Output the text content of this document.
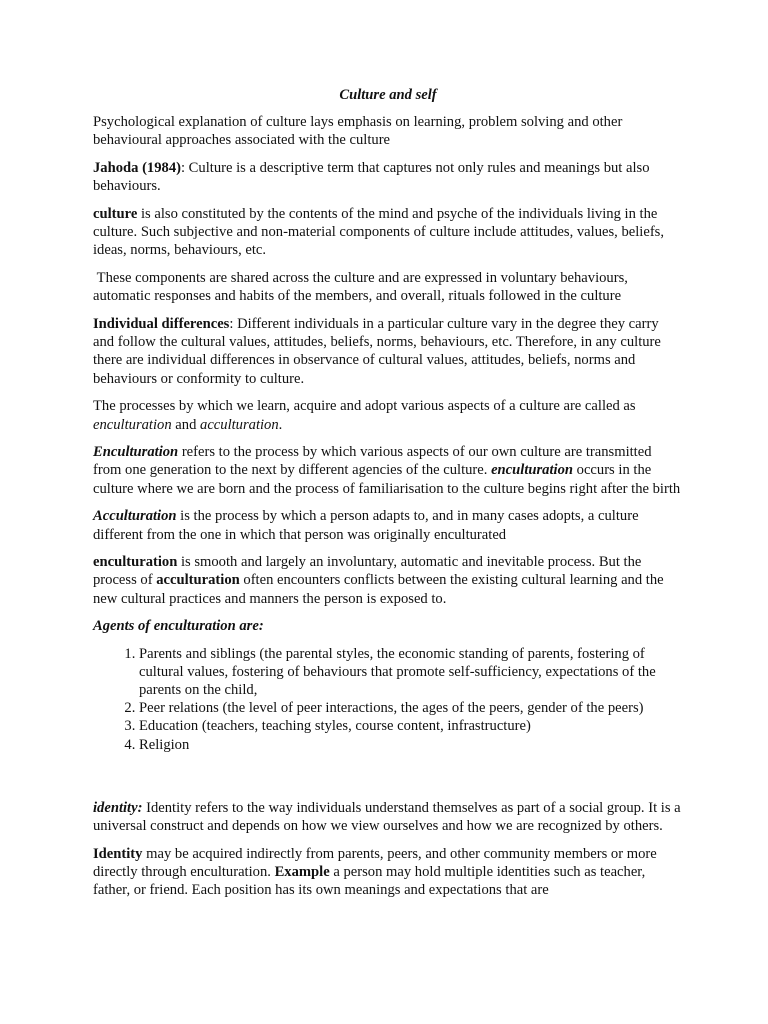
Culture and self

Psychological explanation of culture lays emphasis on learning, problem solving and other behavioural approaches associated with the culture

Jahoda (1984): Culture is a descriptive term that captures not only rules and meanings but also behaviours.

culture is also constituted by the contents of the mind and psyche of the individuals living in the culture. Such subjective and non-material components of culture include attitudes, values, beliefs, ideas, norms, behaviours, etc.

These components are shared across the culture and are expressed in voluntary behaviours, automatic responses and habits of the members, and overall, rituals followed in the culture

Individual differences: Different individuals in a particular culture vary in the degree they carry and follow the cultural values, attitudes, beliefs, norms, behaviours, etc. Therefore, in any culture there are individual differences in observance of cultural values, attitudes, beliefs, norms and behaviours or conformity to culture.

The processes by which we learn, acquire and adopt various aspects of a culture are called as enculturation and acculturation.

Enculturation refers to the process by which various aspects of our own culture are transmitted from one generation to the next by different agencies of the culture. enculturation occurs in the culture where we are born and the process of familiarisation to the culture begins right after the birth

Acculturation is the process by which a person adapts to, and in many cases adopts, a culture different from the one in which that person was originally enculturated

enculturation is smooth and largely an involuntary, automatic and inevitable process. But the process of acculturation often encounters conflicts between the existing cultural learning and the new cultural practices and manners the person is exposed to.

Agents of enculturation are:
1. Parents and siblings (the parental styles, the economic standing of parents, fostering of cultural values, fostering of behaviours that promote self-sufficiency, expectations of the parents on the child,
2. Peer relations (the level of peer interactions, the ages of the peers, gender of the peers)
3. Education (teachers, teaching styles, course content, infrastructure)
4. Religion

identity: Identity refers to the way individuals understand themselves as part of a social group. It is a universal construct and depends on how we view ourselves and how we are recognized by others.

Identity may be acquired indirectly from parents, peers, and other community members or more directly through enculturation. Example a person may hold multiple identities such as teacher, father, or friend. Each position has its own meanings and expectations that are
